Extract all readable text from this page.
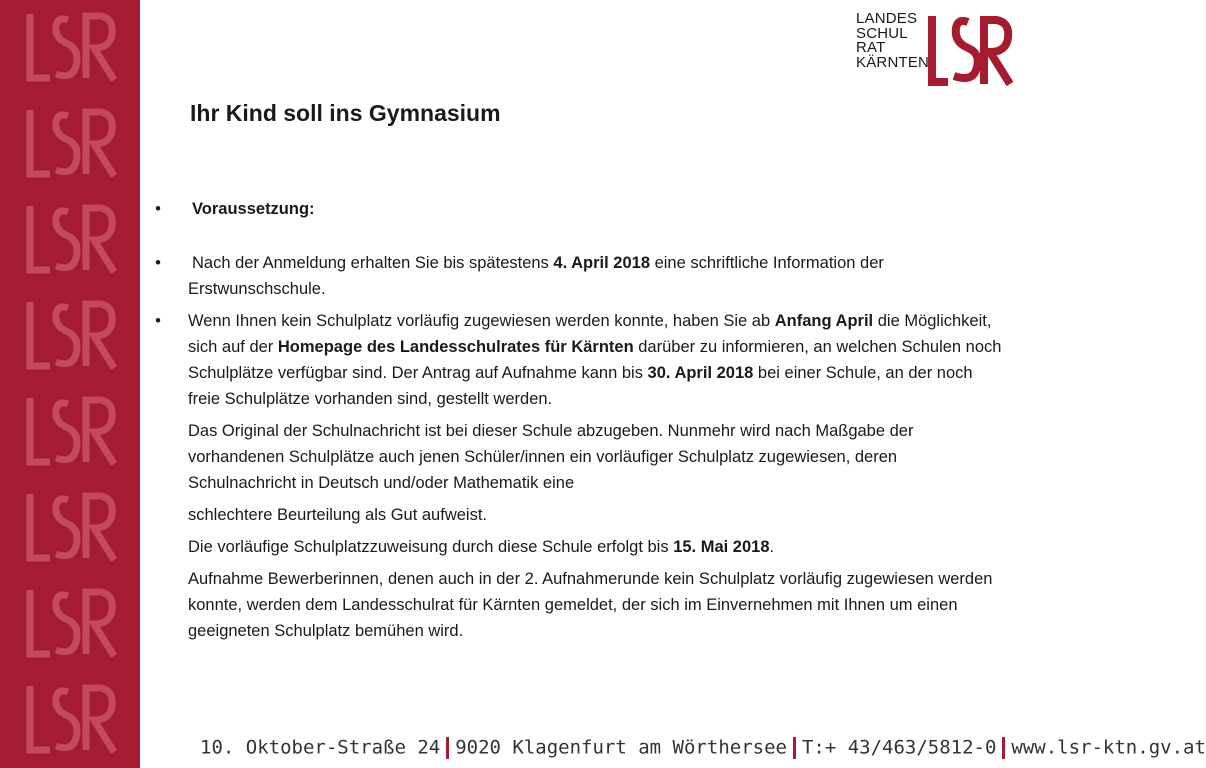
LANDES
SCHUL
RAT
KÄRNTEN
Ihr Kind soll ins Gymnasium
•	Voraussetzung:
•	Nach der Anmeldung erhalten Sie bis spätestens 4. April 2018 eine schriftliche Information der Erstwunschschule.
•	Wenn Ihnen kein Schulplatz vorläufig zugewiesen werden konnte, haben Sie ab Anfang April die Möglichkeit, sich auf der Homepage des Landesschulrates für Kärnten darüber zu informieren, an welchen Schulen noch Schulplätze verfügbar sind. Der Antrag auf Aufnahme kann bis 30. April 2018 bei einer Schule, an der noch freie Schulplätze vorhanden sind, gestellt werden.

Das Original der Schulnachricht ist bei dieser Schule abzugeben. Nunmehr wird nach Maßgabe der vorhandenen Schulplätze auch jenen Schüler/innen ein vorläufiger Schulplatz zugewiesen, deren Schulnachricht in Deutsch und/oder Mathematik eine

schlechtere Beurteilung als Gut aufweist.

Die vorläufige Schulplatzzuweisung durch diese Schule erfolgt bis 15. Mai 2018.

Aufnahme Bewerberinnen, denen auch in der 2. Aufnahmerunde kein Schulplatz vorläufig zugewiesen werden konnte, werden dem Landesschulrat für Kärnten gemeldet, der sich im Einvernehmen mit Ihnen um einen geeigneten Schulplatz bemühen wird.

10. Oktober-Straße 24 9020 Klagenfurt am Wörthersee T:+ 43/463/5812-0 www.lsr-ktn.gv.at
